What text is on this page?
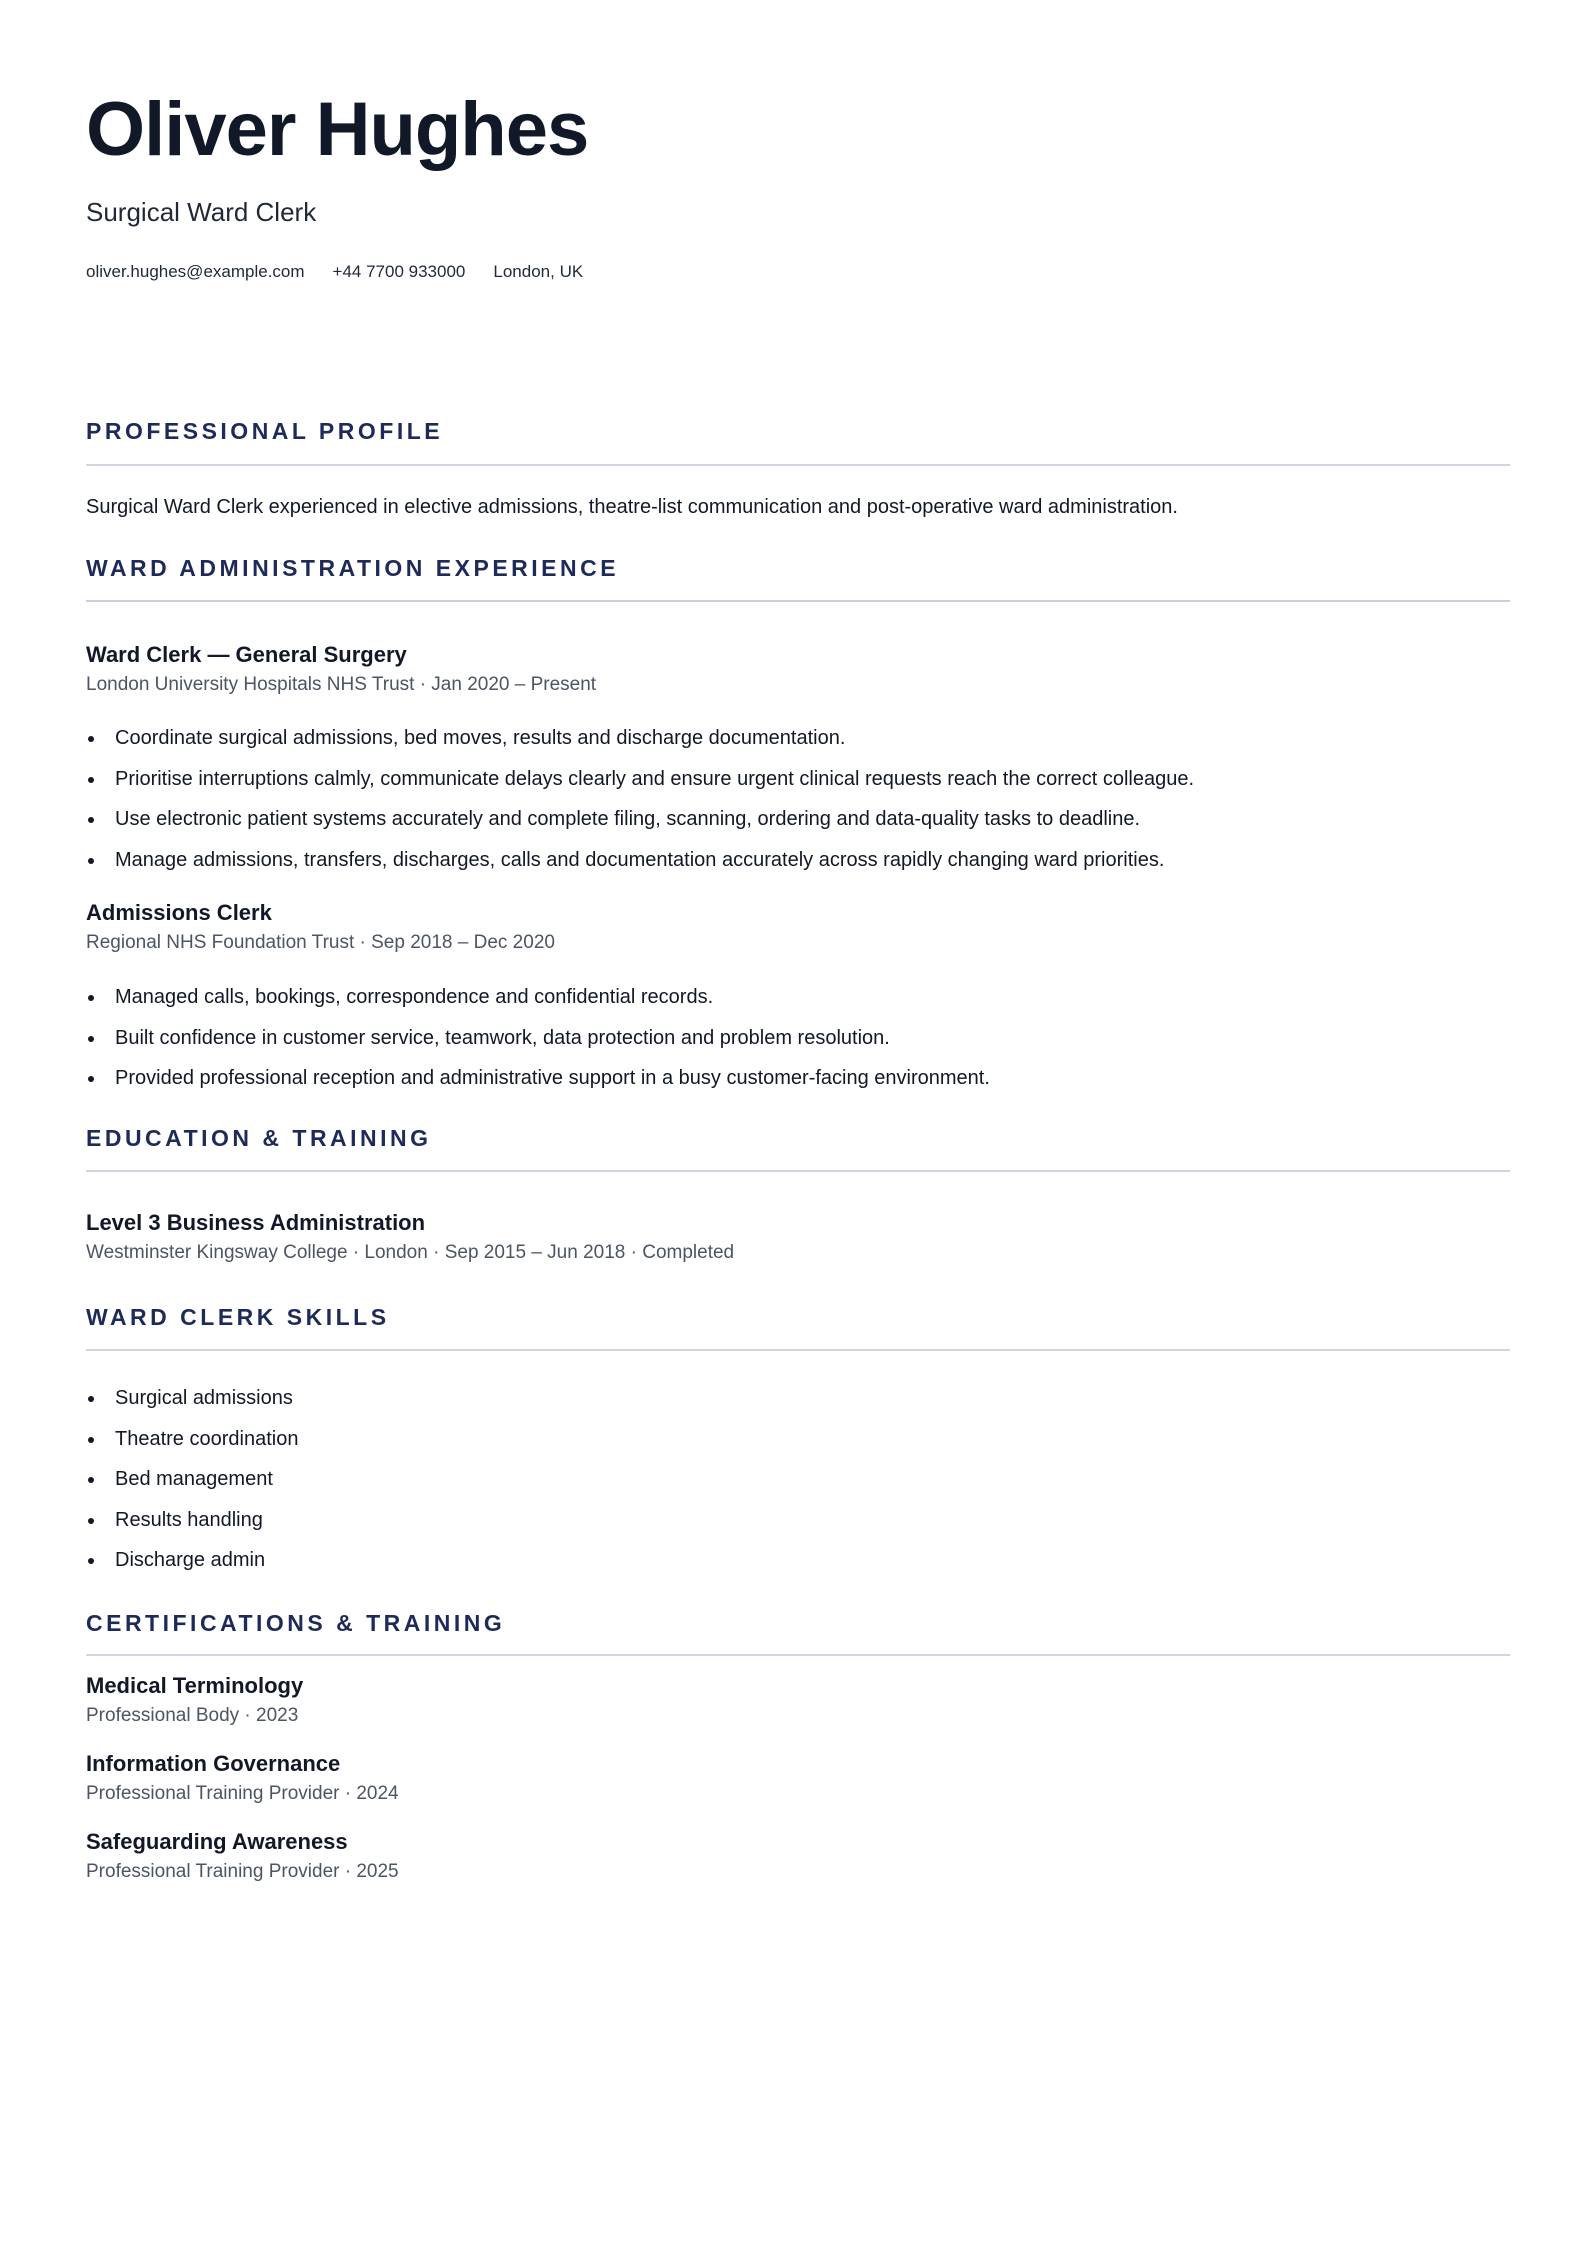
Oliver Hughes
Surgical Ward Clerk
oliver.hughes@example.com +44 7700 933000 London, UK
PROFESSIONAL PROFILE
Surgical Ward Clerk experienced in elective admissions, theatre-list communication and post-operative ward administration.
WARD ADMINISTRATION EXPERIENCE
Ward Clerk — General Surgery
London University Hospitals NHS Trust · Jan 2020 – Present
Coordinate surgical admissions, bed moves, results and discharge documentation.
Prioritise interruptions calmly, communicate delays clearly and ensure urgent clinical requests reach the correct colleague.
Use electronic patient systems accurately and complete filing, scanning, ordering and data-quality tasks to deadline.
Manage admissions, transfers, discharges, calls and documentation accurately across rapidly changing ward priorities.
Admissions Clerk
Regional NHS Foundation Trust · Sep 2018 – Dec 2020
Managed calls, bookings, correspondence and confidential records.
Built confidence in customer service, teamwork, data protection and problem resolution.
Provided professional reception and administrative support in a busy customer-facing environment.
EDUCATION & TRAINING
Level 3 Business Administration
Westminster Kingsway College · London · Sep 2015 – Jun 2018 · Completed
WARD CLERK SKILLS
Surgical admissions
Theatre coordination
Bed management
Results handling
Discharge admin
CERTIFICATIONS & TRAINING
Medical Terminology
Professional Body · 2023
Information Governance
Professional Training Provider · 2024
Safeguarding Awareness
Professional Training Provider · 2025
